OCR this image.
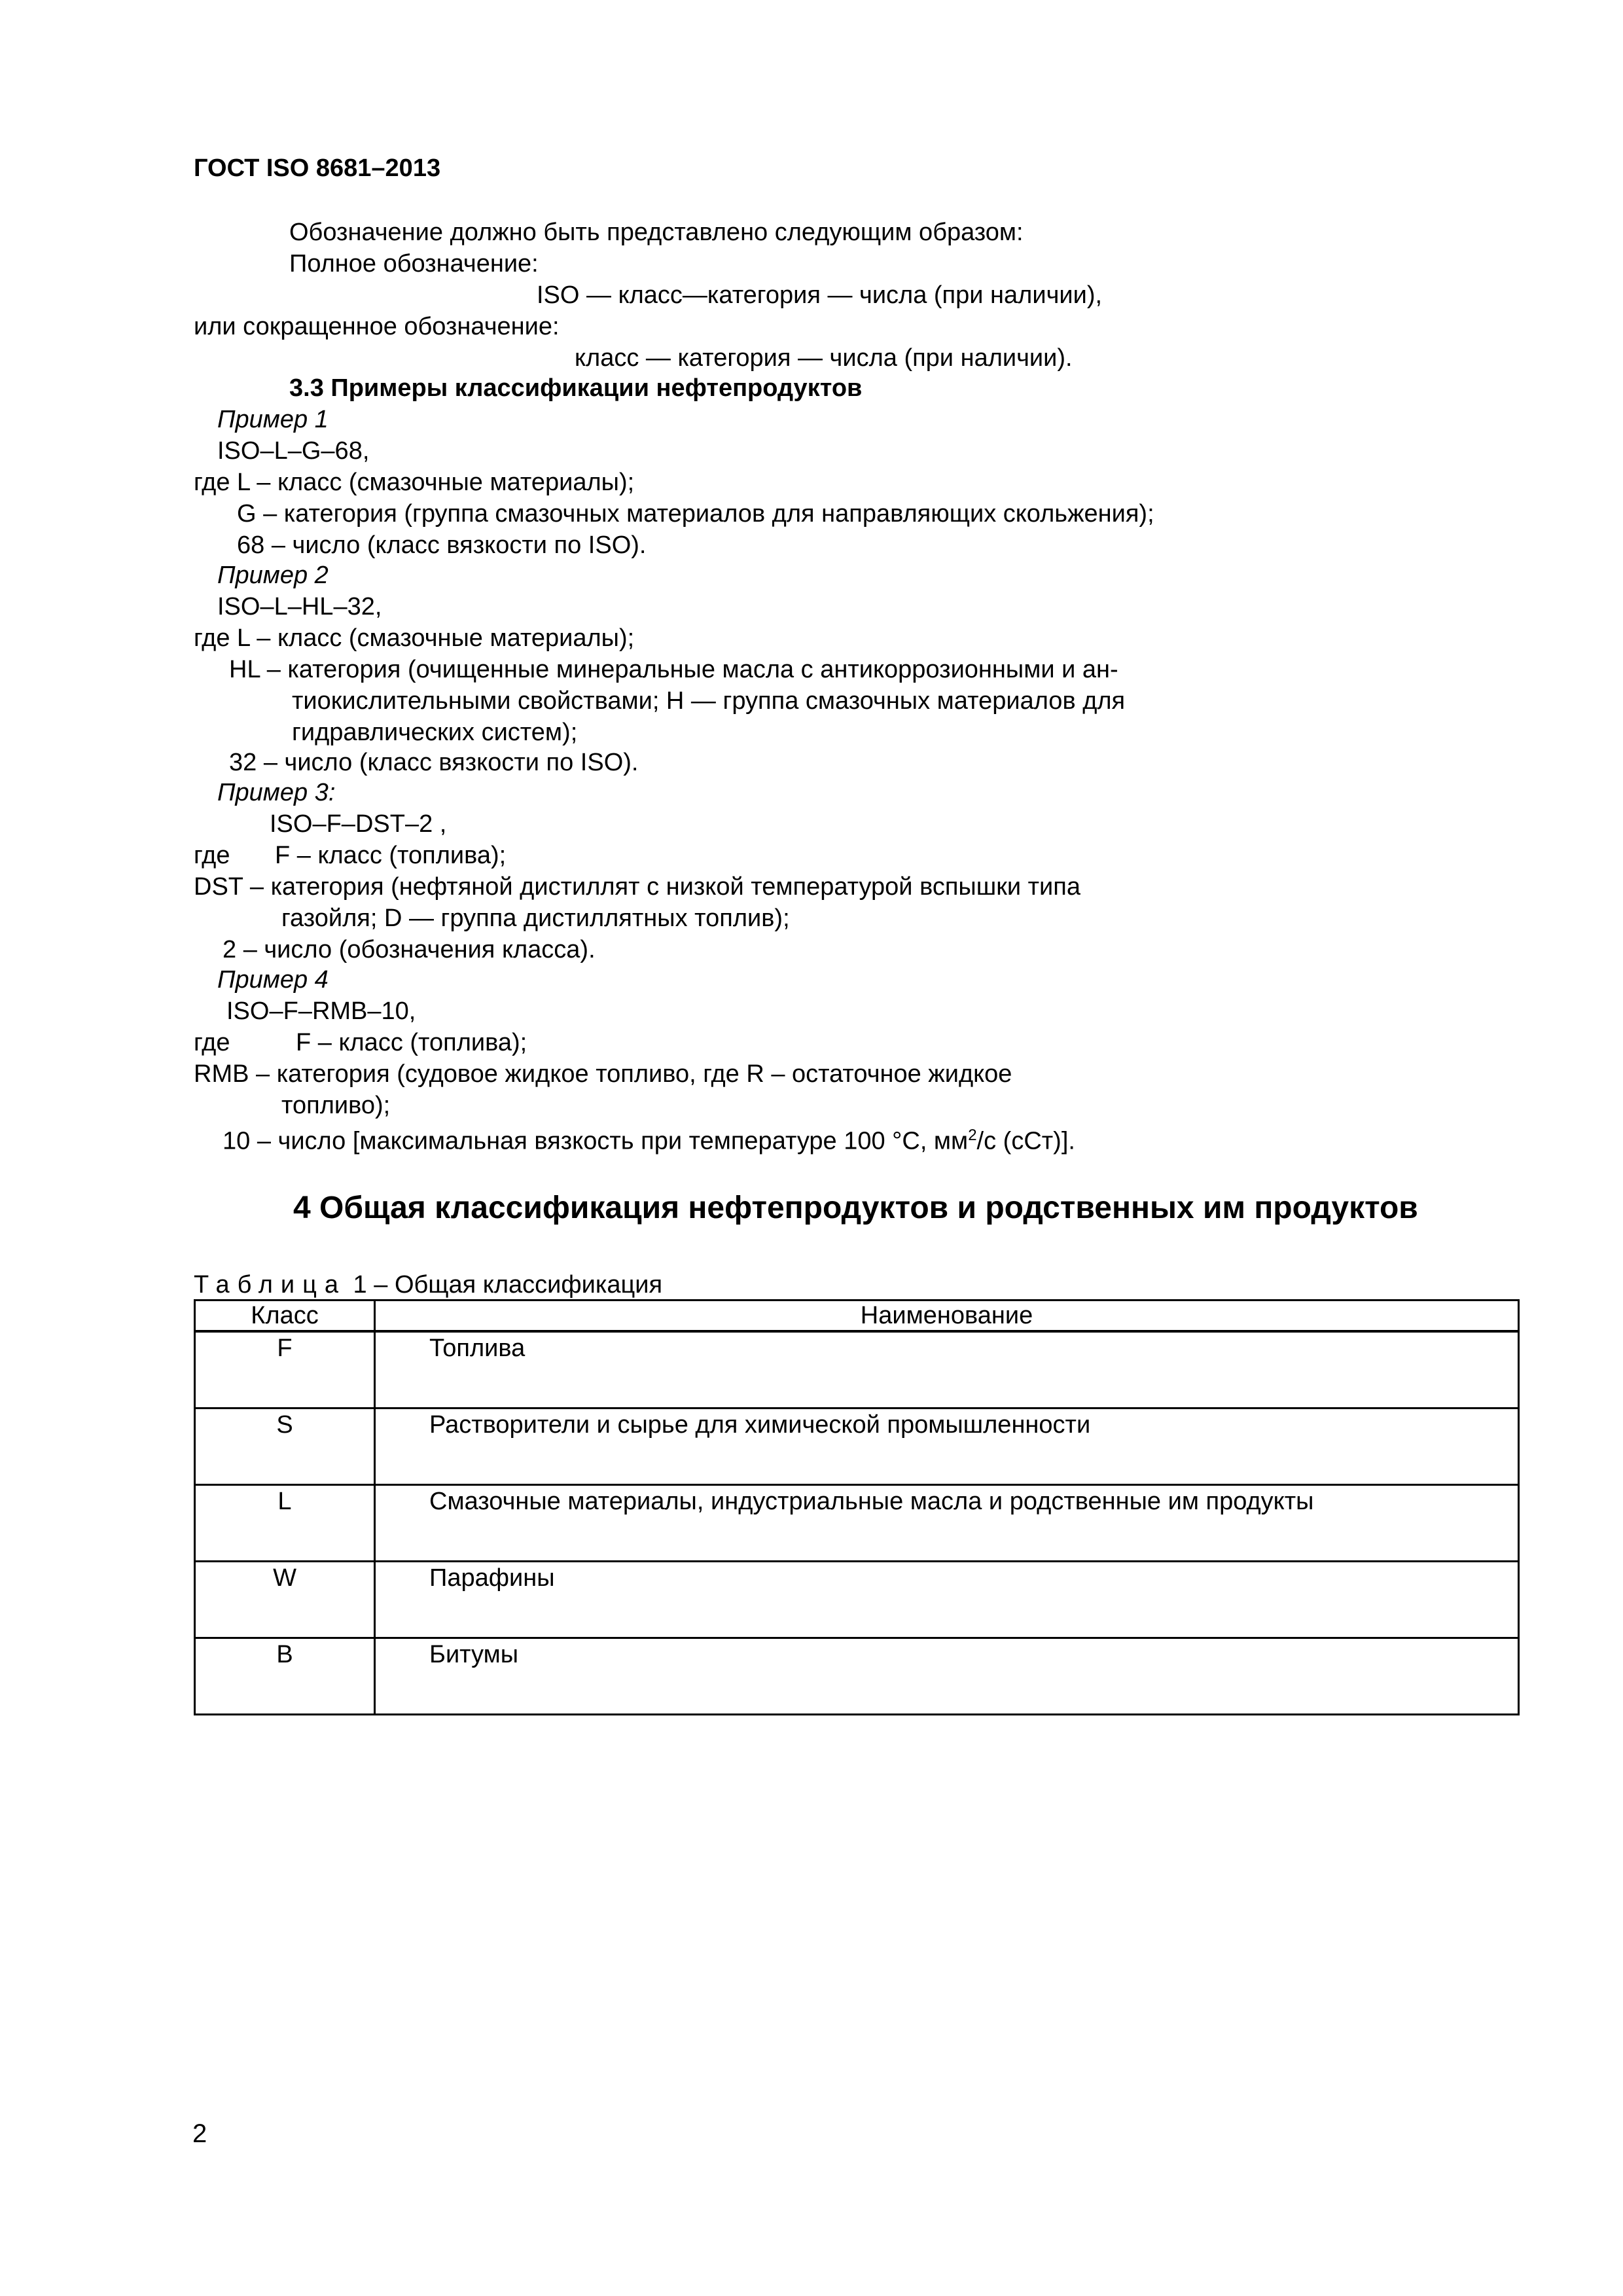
ГОСТ ISO 8681–2013
Обозначение должно быть представлено следующим образом:
Полное обозначение:
ISO — класс—категория — числа (при наличии),
или сокращенное обозначение:
класс — категория — числа (при наличии).
3.3 Примеры классификации нефтепродуктов
Пример 1
ISO–L–G–68,
где L – класс (смазочные материалы);
G – категория (группа смазочных материалов для направляющих скольжения);
68 – число (класс вязкости по ISO).
Пример 2
ISO–L–HL–32,
где L – класс (смазочные материалы);
HL – категория (очищенные минеральные масла с антикоррозионными и ан-
тиокислительными свойствами; H — группа смазочных материалов для
гидравлических систем);
32 – число (класс вязкости по ISO).
Пример 3:
ISO–F–DST–2 ,
где F – класс (топлива);
DST – категория (нефтяной дистиллят с низкой температурой вспышки типа
газойля; D — группа дистиллятных топлив);
2 – число (обозначения класса).
Пример 4
ISO–F–RMB–10,
где	F – класс (топлива);
RMB – категория (судовое жидкое топливо, где R – остаточное жидкое
топливо);
10 – число [максимальная вязкость при температуре 100 °C, $мм^2/с$ (сСт)].
4 Общая классификация нефтепродуктов и родственных им продуктов
Таблица 1 – Общая классификация
Класс	Наименование
F	Топлива
S	Растворители и сырье для химической промышленности
L	Смазочные материалы, индустриальные масла и родственные им продукты
W	Парафины
B	Битумы
2
